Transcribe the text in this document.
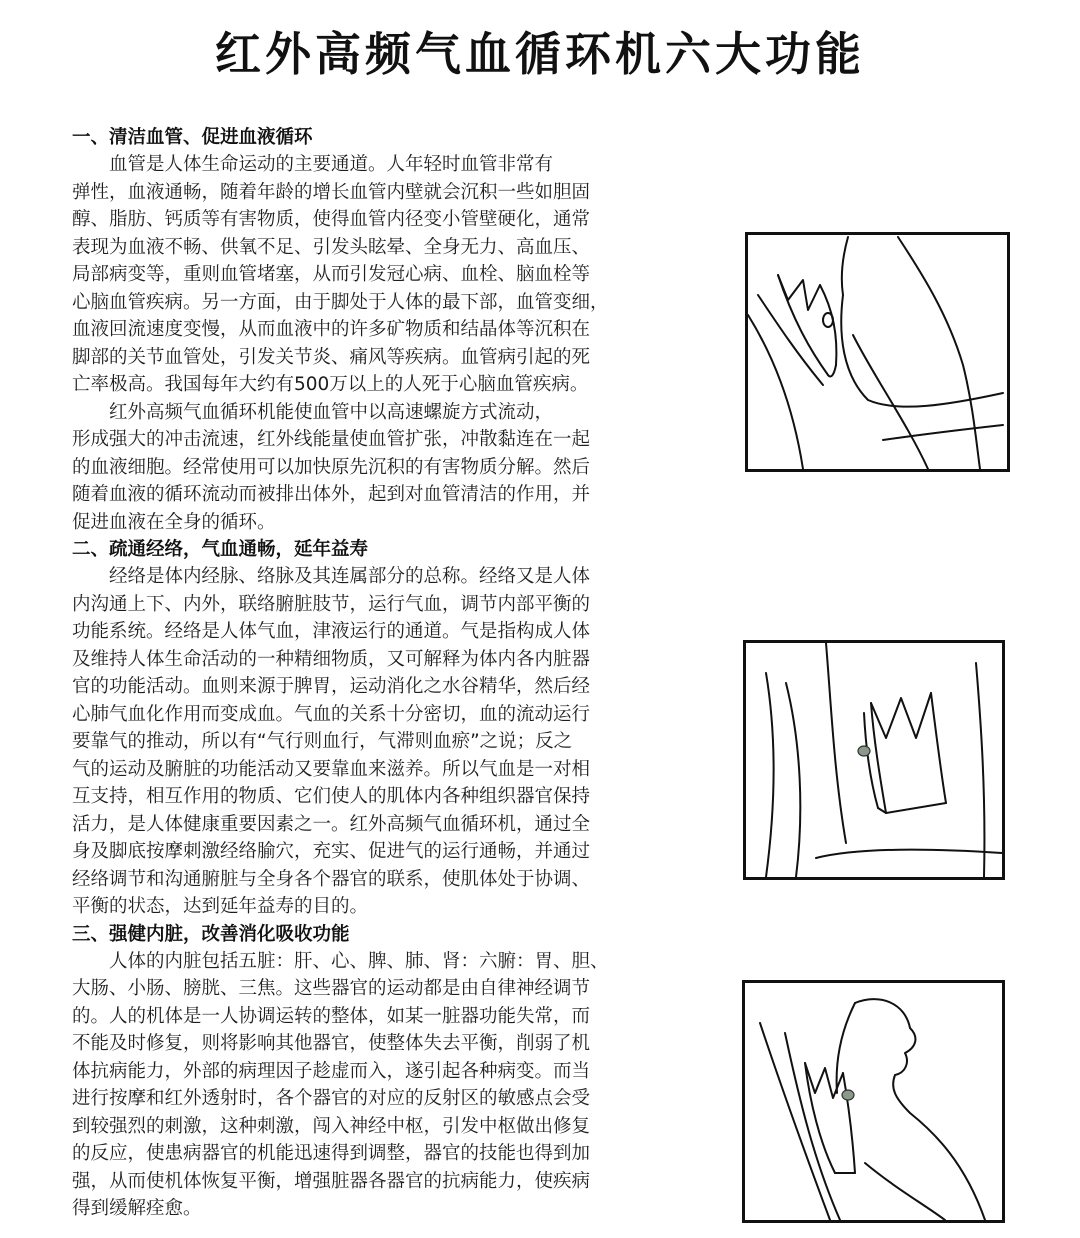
红外高频气血循环机六大功能
一、清洁血管、促进血液循环
　　血管是人体生命运动的主要通道。人年轻时血管非常有
弹性，血液通畅，随着年龄的增长血管内壁就会沉积一些如胆固
醇、脂肪、钙质等有害物质，使得血管内径变小管壁硬化，通常
表现为血液不畅、供氧不足、引发头眩晕、全身无力、高血压、
局部病变等，重则血管堵塞，从而引发冠心病、血栓、脑血栓等
心脑血管疾病。另一方面，由于脚处于人体的最下部，血管变细，
血液回流速度变慢，从而血液中的许多矿物质和结晶体等沉积在
脚部的关节血管处，引发关节炎、痛风等疾病。血管病引起的死
亡率极高。我国每年大约有500万以上的人死于心脑血管疾病。
　　红外高频气血循环机能使血管中以高速螺旋方式流动，
形成强大的冲击流速，红外线能量使血管扩张，冲散黏连在一起
的血液细胞。经常使用可以加快原先沉积的有害物质分解。然后
随着血液的循环流动而被排出体外，起到对血管清洁的作用，并
促进血液在全身的循环。
二、疏通经络，气血通畅，延年益寿
　　经络是体内经脉、络脉及其连属部分的总称。经络又是人体
内沟通上下、内外，联络腑脏肢节，运行气血，调节内部平衡的
功能系统。经络是人体气血，津液运行的通道。气是指构成人体
及维持人体生命活动的一种精细物质，又可解释为体内各内脏器
官的功能活动。血则来源于脾胃，运动消化之水谷精华，然后经
心肺气血化作用而变成血。气血的关系十分密切，血的流动运行
要靠气的推动，所以有“气行则血行，气滞则血瘀”之说；反之
气的运动及腑脏的功能活动又要靠血来滋养。所以气血是一对相
互支持，相互作用的物质、它们使人的肌体内各种组织器官保持
活力，是人体健康重要因素之一。红外高频气血循环机，通过全
身及脚底按摩刺激经络腧穴，充实、促进气的运行通畅，并通过
经络调节和沟通腑脏与全身各个器官的联系，使肌体处于协调、
平衡的状态，达到延年益寿的目的。
三、强健内脏，改善消化吸收功能
　　人体的内脏包括五脏：肝、心、脾、肺、肾：六腑：胃、胆、
大肠、小肠、膀胱、三焦。这些器官的运动都是由自律神经调节
的。人的机体是一人协调运转的整体，如某一脏器功能失常，而
不能及时修复，则将影响其他器官，使整体失去平衡，削弱了机
体抗病能力，外部的病理因子趁虚而入，遂引起各种病变。而当
进行按摩和红外透射时，各个器官的对应的反射区的敏感点会受
到较强烈的刺激，这种刺激，闯入神经中枢，引发中枢做出修复
的反应，使患病器官的机能迅速得到调整，器官的技能也得到加
强，从而使机体恢复平衡，增强脏器各器官的抗病能力，使疾病
得到缓解痊愈。
